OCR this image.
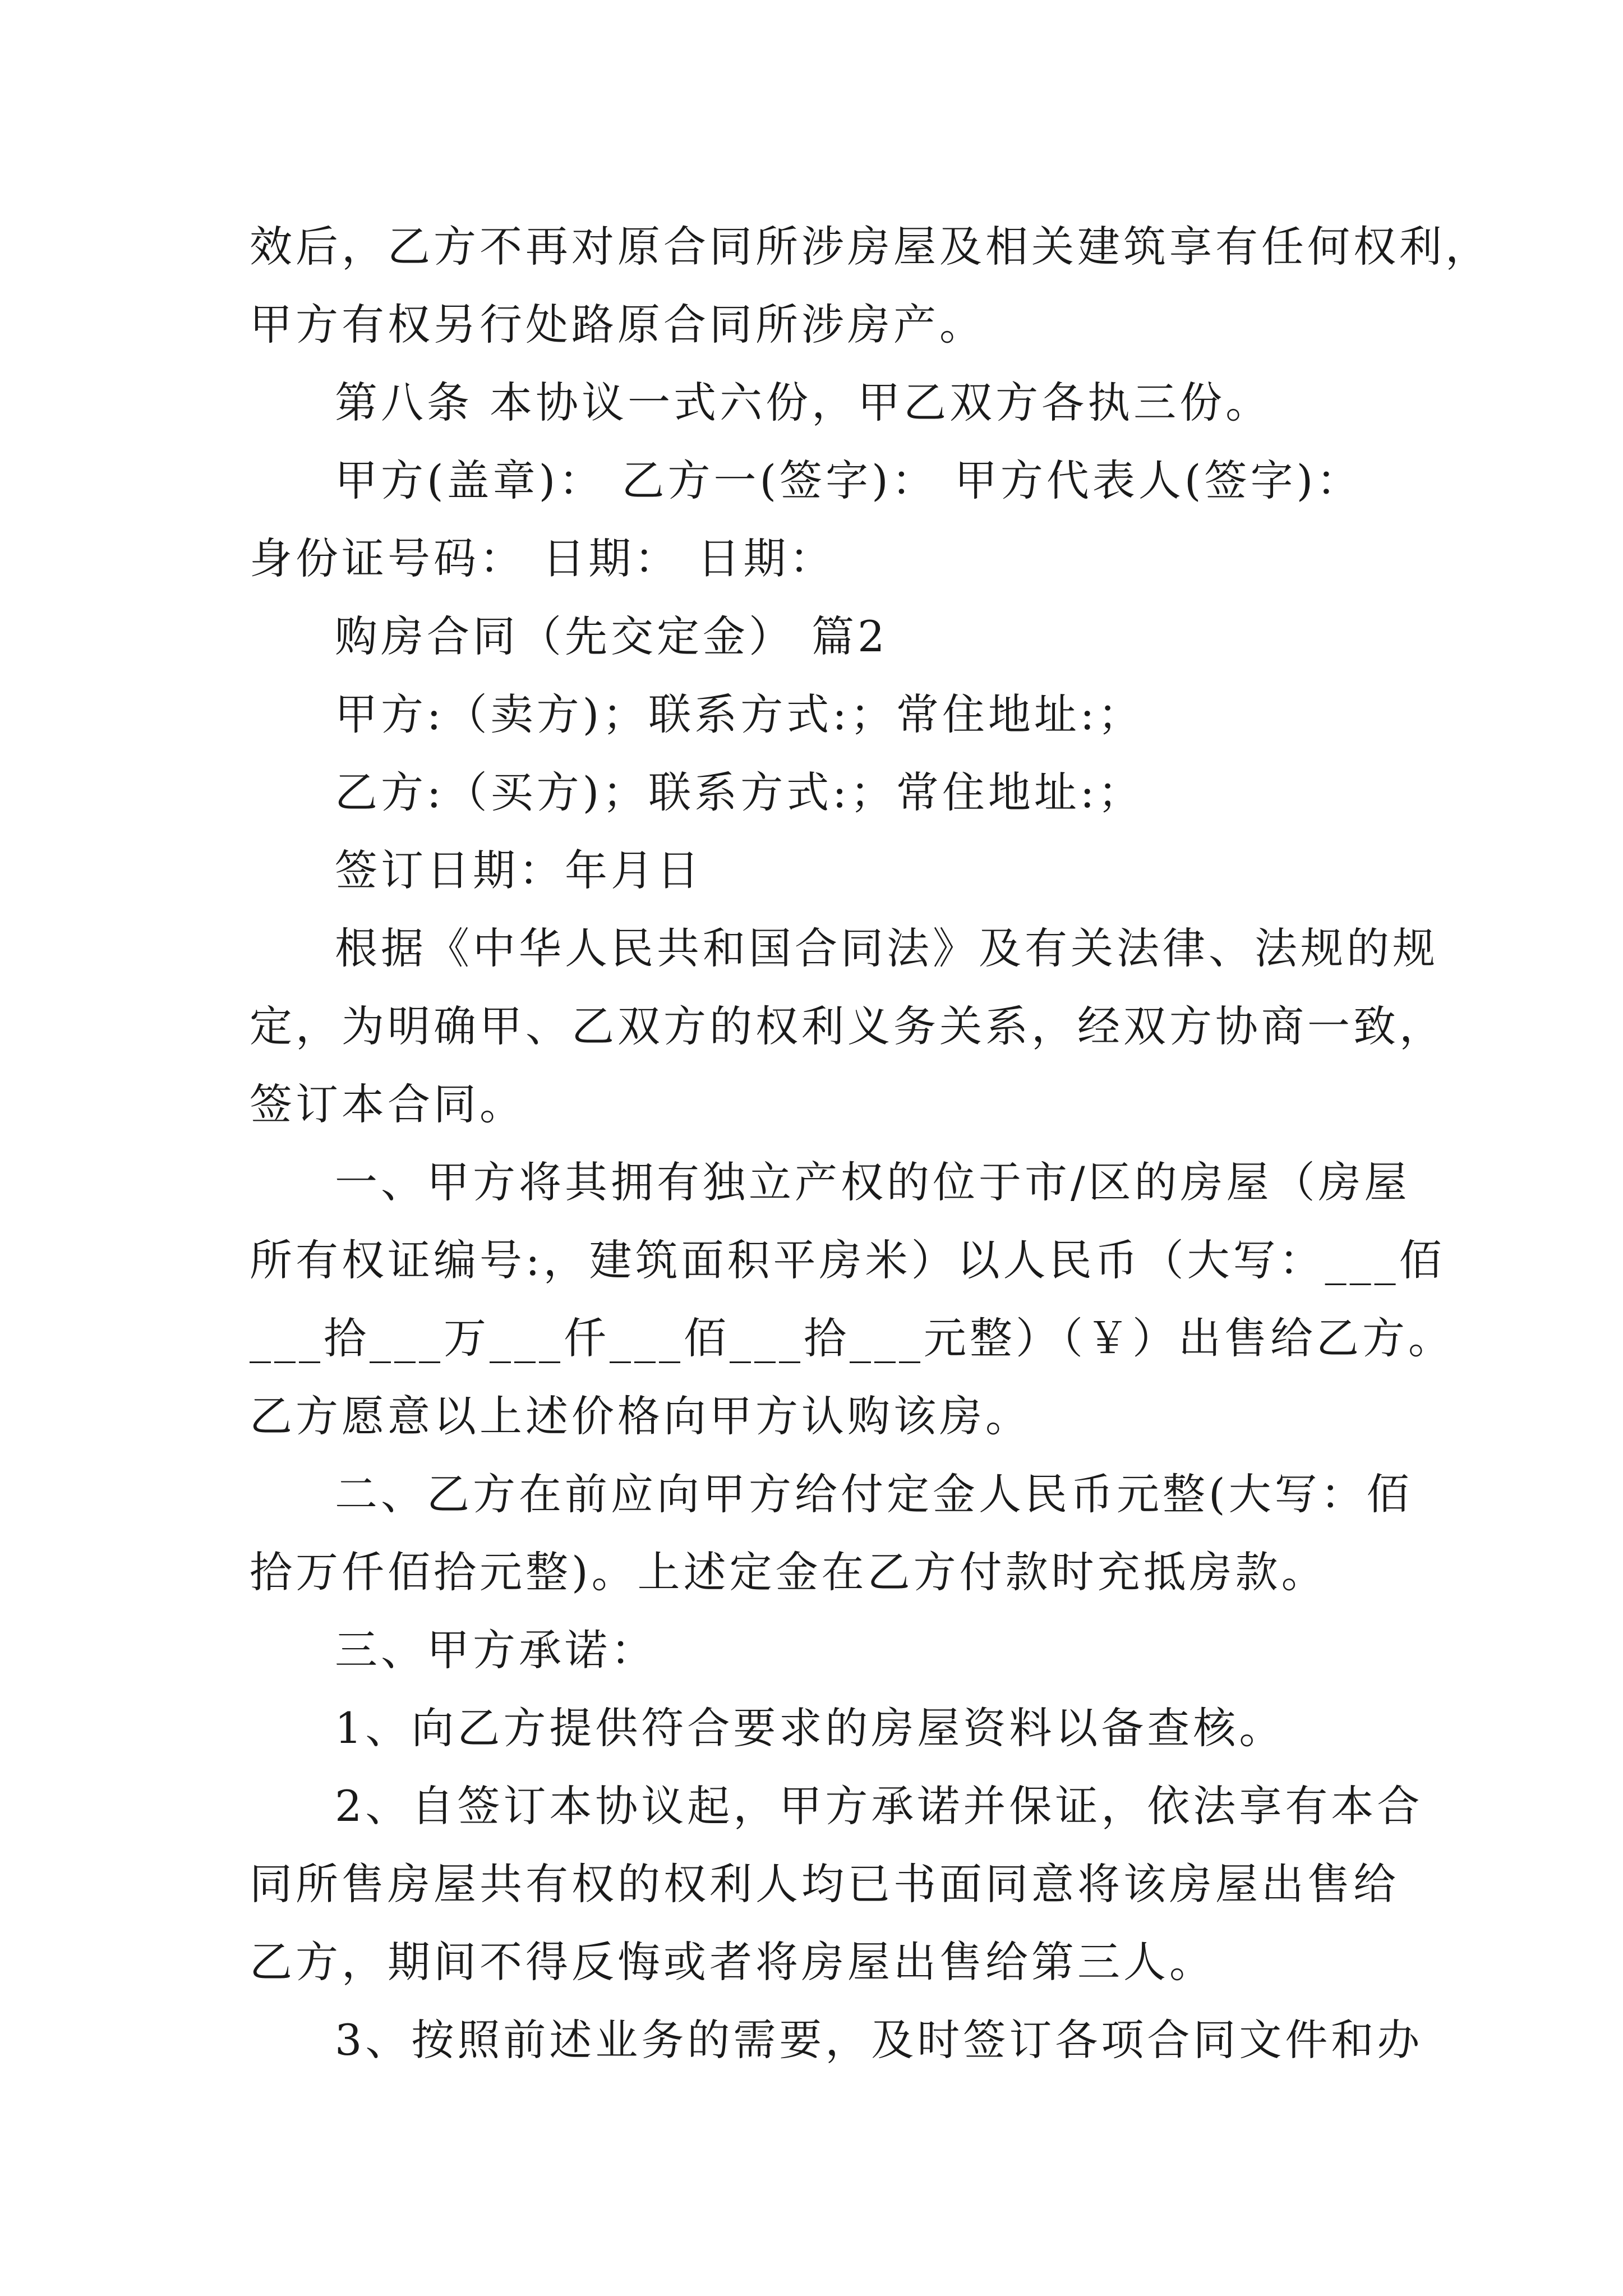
效后，乙方不再对原合同所涉房屋及相关建筑享有任何权利，
甲方有权另行处路原合同所涉房产。
第八条 本协议一式六份，甲乙双方各执三份。
甲方(盖章)： 乙方一(签字)： 甲方代表人(签字)：
身份证号码： 日期： 日期：
购房合同（先交定金） 篇2
甲方:（卖方)；联系方式:；常住地址:；
乙方:（买方)；联系方式:；常住地址:；
签订日期：年月日
根据《中华人民共和国合同法》及有关法律、法规的规
定，为明确甲、乙双方的权利义务关系，经双方协商一致，
签订本合同。
一、甲方将其拥有独立产权的位于市/区的房屋（房屋
所有权证编号:，建筑面积平房米）以人民币（大写：___佰
___拾___万___仟___佰___拾___元整）（￥）出售给乙方。
乙方愿意以上述价格向甲方认购该房。
二、乙方在前应向甲方给付定金人民币元整(大写：佰
拾万仟佰拾元整)。上述定金在乙方付款时充抵房款。
三、甲方承诺：
1、向乙方提供符合要求的房屋资料以备查核。
2、自签订本协议起，甲方承诺并保证，依法享有本合
同所售房屋共有权的权利人均已书面同意将该房屋出售给
乙方，期间不得反悔或者将房屋出售给第三人。
3、按照前述业务的需要，及时签订各项合同文件和办
